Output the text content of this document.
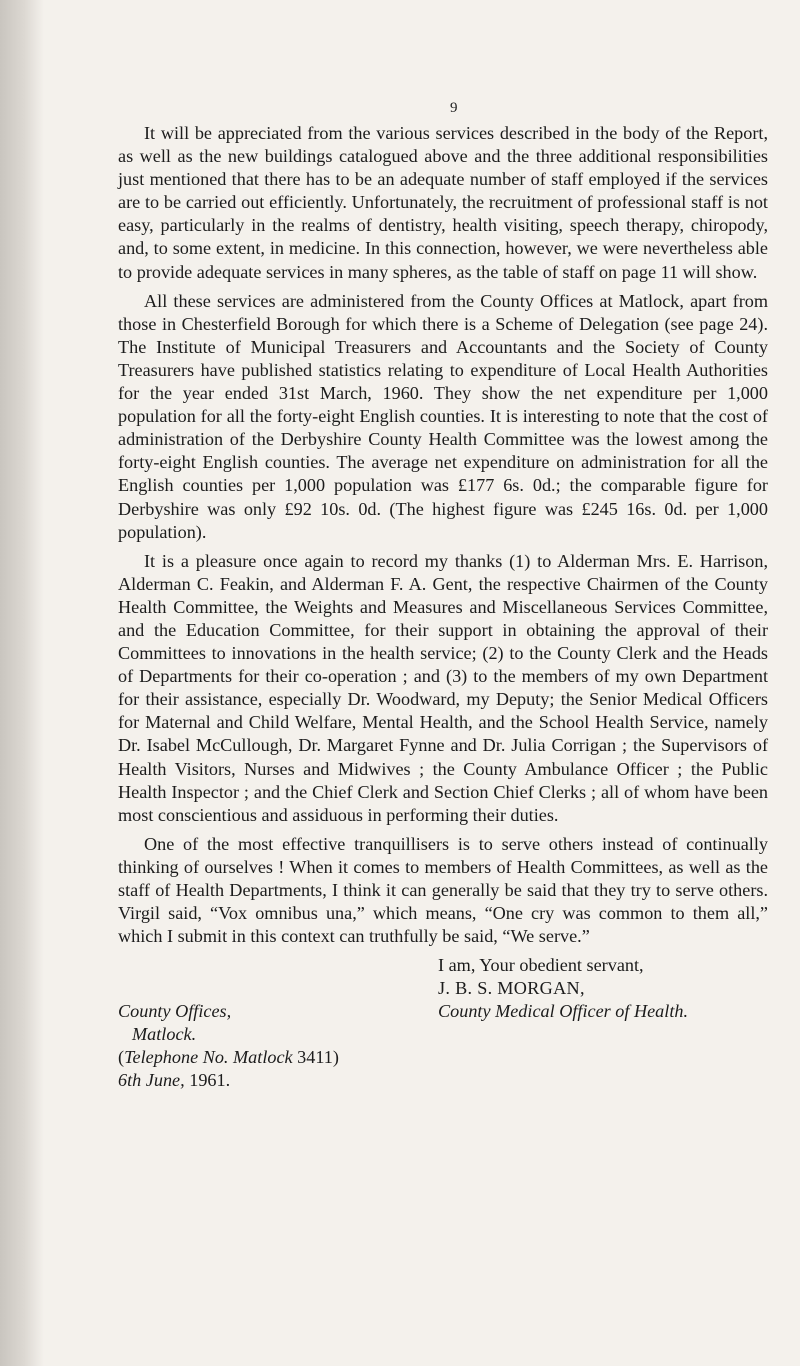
9

It will be appreciated from the various services described in the body of the Report, as well as the new buildings catalogued above and the three additional responsibilities just mentioned that there has to be an adequate number of staff employed if the services are to be carried out efficiently. Unfortunately, the recruitment of professional staff is not easy, particularly in the realms of dentistry, health visiting, speech therapy, chiropody, and, to some extent, in medicine. In this connection, however, we were nevertheless able to provide adequate services in many spheres, as the table of staff on page 11 will show.

All these services are administered from the County Offices at Matlock, apart from those in Chesterfield Borough for which there is a Scheme of Delegation (see page 24). The Institute of Municipal Treasurers and Accountants and the Society of County Treasurers have published statistics relating to expenditure of Local Health Authorities for the year ended 31st March, 1960. They show the net expenditure per 1,000 population for all the forty-eight English counties. It is interesting to note that the cost of administration of the Derbyshire County Health Committee was the lowest among the forty-eight English counties. The average net expenditure on administration for all the English counties per 1,000 population was £177 6s. 0d.; the comparable figure for Derbyshire was only £92 10s. 0d. (The highest figure was £245 16s. 0d. per 1,000 population).

It is a pleasure once again to record my thanks (1) to Alderman Mrs. E. Harrison, Alderman C. Feakin, and Alderman F. A. Gent, the respective Chairmen of the County Health Committee, the Weights and Measures and Miscellaneous Services Committee, and the Education Committee, for their support in obtaining the approval of their Committees to innovations in the health service; (2) to the County Clerk and the Heads of Departments for their co-operation ; and (3) to the members of my own Department for their assistance, especially Dr. Woodward, my Deputy; the Senior Medical Officers for Maternal and Child Welfare, Mental Health, and the School Health Service, namely Dr. Isabel McCullough, Dr. Margaret Fynne and Dr. Julia Corrigan ; the Supervisors of Health Visitors, Nurses and Midwives ; the County Ambulance Officer ; the Public Health Inspector ; and the Chief Clerk and Section Chief Clerks ; all of whom have been most conscientious and assiduous in performing their duties.

One of the most effective tranquillisers is to serve others instead of continually thinking of ourselves ! When it comes to members of Health Committees, as well as the staff of Health Departments, I think it can generally be said that they try to serve others. Virgil said, “Vox omnibus una,” which means, “One cry was common to them all,” which I submit in this context can truthfully be said, “We serve.”

I am, Your obedient servant,
J. B. S. MORGAN,
County Medical Officer of Health.
County Offices,
Matlock.
(Telephone No. Matlock 3411)
6th June, 1961.
